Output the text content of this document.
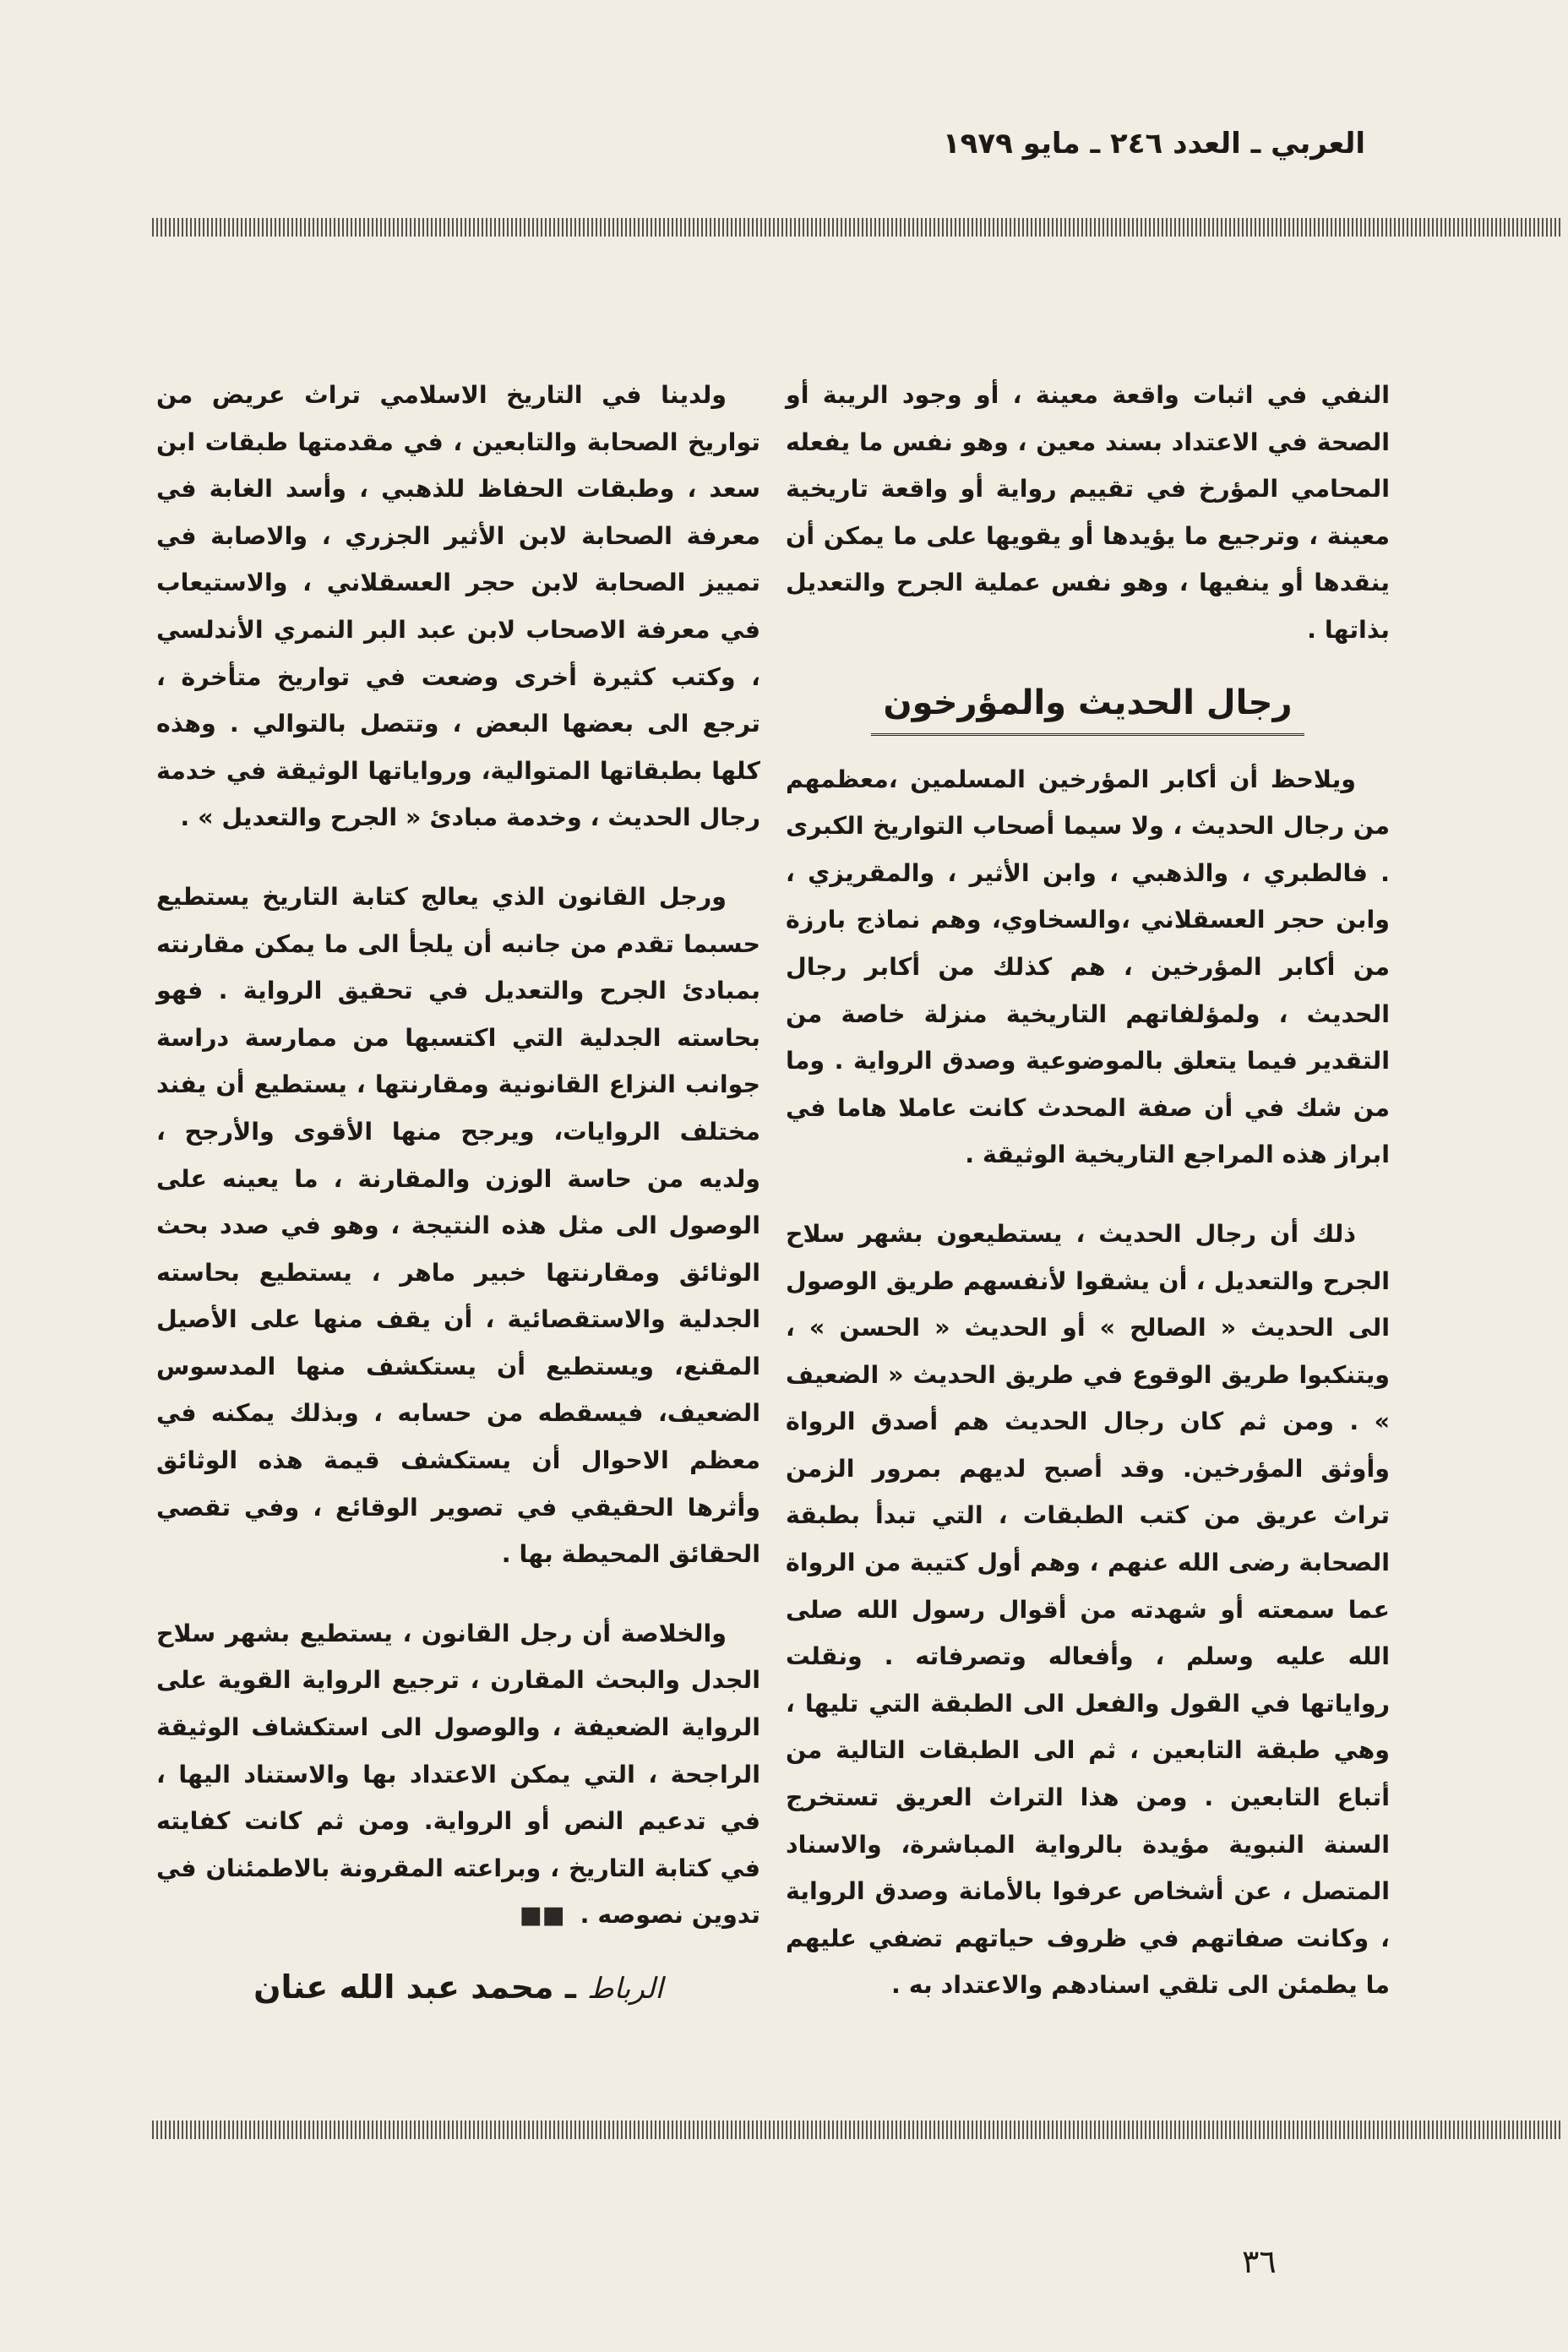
العربي ـ العدد ٢٤٦ ـ مايو ١٩٧٩

النفي في اثبات واقعة معينة ، أو وجود الريبة أو الصحة في الاعتداد بسند معين ، وهو نفس ما يفعله المحامي المؤرخ في تقييم رواية أو واقعة تاريخية معينة ، وترجيع ما يؤيدها أو يقويها على ما يمكن أن ينقدها أو ينفيها ، وهو نفس عملية الجرح والتعديل بذاتها .

رجال الحديث والمؤرخون

ويلاحظ أن أكابر المؤرخين المسلمين ،معظمهم من رجال الحديث ، ولا سيما أصحاب التواريخ الكبرى . فالطبري ، والذهبي ، وابن الأثير ، والمقريزي ، وابن حجر العسقلاني ،والسخاوي، وهم نماذج بارزة من أكابر المؤرخين ، هم كذلك من أكابر رجال الحديث ، ولمؤلفاتهم التاريخية منزلة خاصة من التقدير فيما يتعلق بالموضوعية وصدق الرواية . وما من شك في أن صفة المحدث كانت عاملا هاما في ابراز هذه المراجع التاريخية الوثيقة .

ذلك أن رجال الحديث ، يستطيعون بشهر سلاح الجرح والتعديل ، أن يشقوا لأنفسهم طريق الوصول الى الحديث « الصالح » أو الحديث « الحسن » ، ويتنكبوا طريق الوقوع في طريق الحديث « الضعيف » . ومن ثم كان رجال الحديث هم أصدق الرواة وأوثق المؤرخين. وقد أصبح لديهم بمرور الزمن تراث عريق من كتب الطبقات ، التي تبدأ بطبقة الصحابة رضى الله عنهم ، وهم أول كتيبة من الرواة عما سمعته أو شهدته من أقوال رسول الله صلى الله عليه وسلم ، وأفعاله وتصرفاته . ونقلت رواياتها في القول والفعل الى الطبقة التي تليها ، وهي طبقة التابعين ، ثم الى الطبقات التالية من أتباع التابعين . ومن هذا التراث العريق تستخرج السنة النبوية مؤيدة بالرواية المباشرة، والاسناد المتصل ، عن أشخاص عرفوا بالأمانة وصدق الرواية ، وكانت صفاتهم في ظروف حياتهم تضفي عليهم ما يطمئن الى تلقي اسنادهم والاعتداد به .

ولدينا في التاريخ الاسلامي تراث عريض من تواريخ الصحابة والتابعين ، في مقدمتها طبقات ابن سعد ، وطبقات الحفاظ للذهبي ، وأسد الغابة في معرفة الصحابة لابن الأثير الجزري ، والاصابة في تمييز الصحابة لابن حجر العسقلاني ، والاستيعاب في معرفة الاصحاب لابن عبد البر النمري الأندلسي ، وكتب كثيرة أخرى وضعت في تواريخ متأخرة ، ترجع الى بعضها البعض ، وتتصل بالتوالي . وهذه كلها بطبقاتها المتوالية، ورواياتها الوثيقة في خدمة رجال الحديث ، وخدمة مبادئ « الجرح والتعديل » .

ورجل القانون الذي يعالج كتابة التاريخ يستطيع حسبما تقدم من جانبه أن يلجأ الى ما يمكن مقارنته بمبادئ الجرح والتعديل في تحقيق الرواية . فهو بحاسته الجدلية التي اكتسبها من ممارسة دراسة جوانب النزاع القانونية ومقارنتها ، يستطيع أن يفند مختلف الروايات، ويرجح منها الأقوى والأرجح ، ولديه من حاسة الوزن والمقارنة ، ما يعينه على الوصول الى مثل هذه النتيجة ، وهو في صدد بحث الوثائق ومقارنتها خبير ماهر ، يستطيع بحاسته الجدلية والاستقصائية ، أن يقف منها على الأصيل المقنع، ويستطيع أن يستكشف منها المدسوس الضعيف، فيسقطه من حسابه ، وبذلك يمكنه في معظم الاحوال أن يستكشف قيمة هذه الوثائق وأثرها الحقيقي في تصوير الوقائع ، وفي تقصي الحقائق المحيطة بها .

والخلاصة أن رجل القانون ، يستطيع بشهر سلاح الجدل والبحث المقارن ، ترجيع الرواية القوية على الرواية الضعيفة ، والوصول الى استكشاف الوثيقة الراجحة ، التي يمكن الاعتداد بها والاستناد اليها ، في تدعيم النص أو الرواية. ومن ثم كانت كفايته في كتابة التاريخ ، وبراعته المقرونة بالاطمئنان في تدوين نصوصه . ■■

الرباط ـ محمد عبد الله عنان
٣٦
